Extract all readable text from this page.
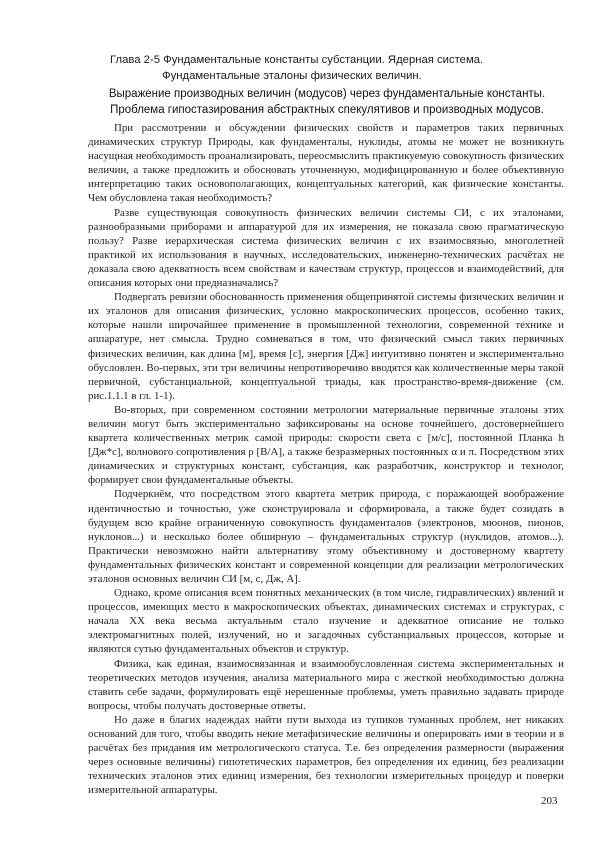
Глава 2-5 Фундаментальные константы субстанции. Ядерная система.
Фундаментальные эталоны физических величин.
Выражение производных величин (модусов) через фундаментальные константы.
Проблема гипостазирования абстрактных спекулятивов и производных модусов.

При рассмотрении и обсуждении физических свойств и параметров таких первичных динамических структур Природы, как фундаменталы, нуклиды, атомы не может не возникнуть насущная необходимость проанализировать, переосмыслить практикуемую совокупность физических величин, а также предложить и обосновать уточненную, модифицированную и более объективную интерпретацию таких основополагающих, концептуальных категорий, как физические константы. Чем обусловлена такая необходимость?

Разве существующая совокупность физических величин системы СИ, с их эталонами, разнообразными приборами и аппаратурой для их измерения, не показала свою прагматическую пользу? Разве иерархическая система физических величин с их взаимосвязью, многолетней практикой их использования в научных, исследовательских, инженерно-технических расчётах не доказала свою адекватность всем свойствам и качествам структур, процессов и взаимодействий, для описания которых они предназначались?

Подвергать ревизии обоснованность применения общепринятой системы физических величин и их эталонов для описания физических, условно макроскопических процессов, особенно таких, которые нашли широчайшее применение в промышленной технологии, современной технике и аппаратуре, нет смысла. Трудно сомневаться в том, что физический смысл таких первичных физических величин, как длина [м], время [с], энергия [Дж] интуитивно понятен и экспериментально обусловлен. Во-первых, эти три величины непротиворечиво вводятся как количественные меры такой первичной, субстанциальной, концептуальной триады, как пространство-время-движение (см. рис.1.1.1 в гл. 1-1).

Во-вторых, при современном состоянии метрологии материальные первичные эталоны этих величин могут быть экспериментально зафиксированы на основе точнейшего, достовернейшего квартета количественных метрик самой природы: скорости света c [м/с], постоянной Планка h [Дж*с], волнового сопротивления ρ [В/А], а также безразмерных постоянных α и π. Посредством этих динамических и структурных констант, субстанция, как разработчик, конструктор и технолог, формирует свои фундаментальные объекты.

Подчеркнём, что посредством этого квартета метрик природа, с поражающей воображение идентичностью и точностью, уже сконструировала и сформировала, а также будет созидать в будущем всю крайне ограниченную совокупность фундаменталов (электронов, мюонов, пионов, нуклонов...) и несколько более обширную – фундаментальных структур (нуклидов, атомов...). Практически невозможно найти альтернативу этому объективному и достоверному квартету фундаментальных физических констант и современной концепции для реализации метрологических эталонов основных величин СИ [м, с, Дж, А].

Однако, кроме описания всем понятных механических (в том числе, гидравлических) явлений и процессов, имеющих место в макроскопических объектах, динамических системах и структурах, с начала XX века весьма актуальным стало изучение и адекватное описание не только электромагнитных полей, излучений, но и загадочных субстанциальных процессов, которые и являются сутью фундаментальных объектов и структур.

Физика, как единая, взаимосвязанная и взаимообусловленная система экспериментальных и теоретических методов изучения, анализа материального мира с жесткой необходимостью должна ставить себе задачи, формулировать ещё нерешенные проблемы, уметь правильно задавать природе вопросы, чтобы получать достоверные ответы.

Но даже в благих надеждах найти пути выхода из тупиков туманных проблем, нет никаких оснований для того, чтобы вводить некие метафизические величины и оперировать ими в теории и в расчётах без придания им метрологического статуса. Т.е. без определения размерности (выражения через основные величины) гипотетических параметров, без определения их единиц, без реализации технических эталонов этих единиц измерения, без технологии измерительных процедур и поверки измерительной аппаратуры.

203
